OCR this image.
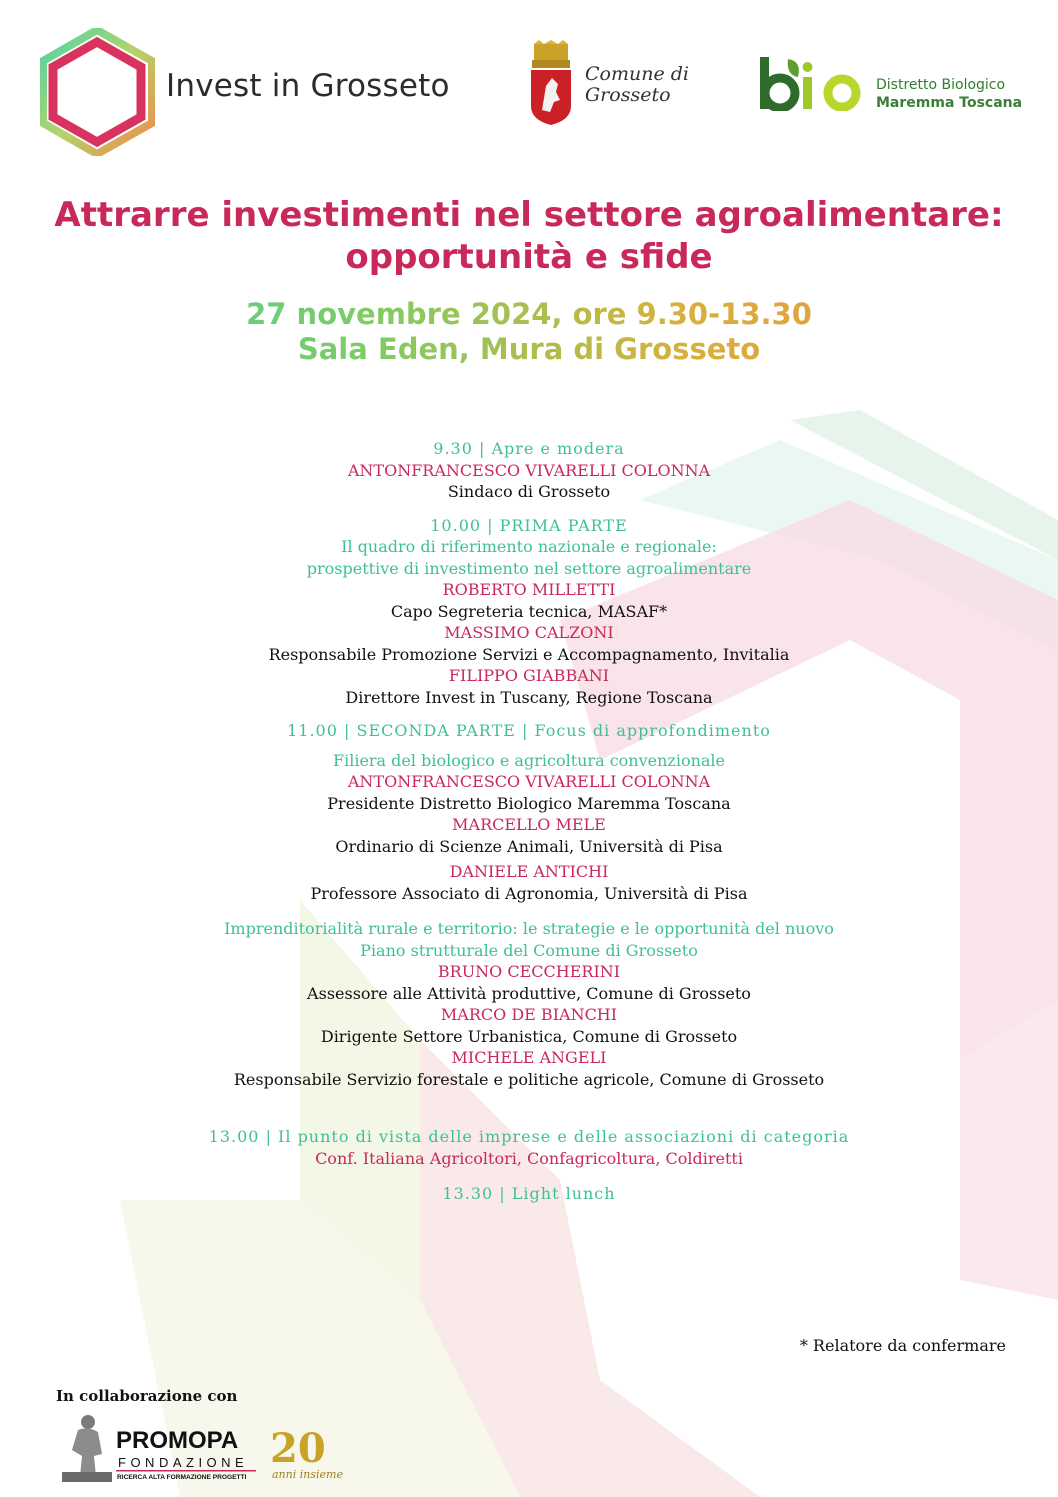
Invest in Grosseto	Comune di
Grosseto	Distretto Biologico
Maremma Toscana
Attrarre investimenti nel settore agroalimentare:
opportunità e sfide
27 novembre 2024, ore 9.30-13.30
Sala Eden, Mura di Grosseto
9.30 | Apre e modera
ANTONFRANCESCO VIVARELLI COLONNA
Sindaco di Grosseto
10.00 | PRIMA PARTE
Il quadro di riferimento nazionale e regionale:
prospettive di investimento nel settore agroalimentare
ROBERTO MILLETTI
Capo Segreteria tecnica, MASAF*
MASSIMO CALZONI
Responsabile Promozione Servizi e Accompagnamento, Invitalia
FILIPPO GIABBANI
Direttore Invest in Tuscany, Regione Toscana
11.00 | SECONDA PARTE | Focus di approfondimento
Filiera del biologico e agricoltura convenzionale
ANTONFRANCESCO VIVARELLI COLONNA
Presidente Distretto Biologico Maremma Toscana
MARCELLO MELE
Ordinario di Scienze Animali, Università di Pisa
DANIELE ANTICHI
Professore Associato di Agronomia, Università di Pisa
Imprenditorialità rurale e territorio: le strategie e le opportunità del nuovo
Piano strutturale del Comune di Grosseto
BRUNO CECCHERINI
Assessore alle Attività produttive, Comune di Grosseto
MARCO DE BIANCHI
Dirigente Settore Urbanistica, Comune di Grosseto
MICHELE ANGELI
Responsabile Servizio forestale e politiche agricole, Comune di Grosseto
13.00 | Il punto di vista delle imprese e delle associazioni di categoria
Conf. Italiana Agricoltori, Confagricoltura, Coldiretti
13.30 | Light lunch
* Relatore da confermare
In collaborazione con
PROMOPA
FONDAZIONE
RICERCA ALTA FORMAZIONE PROGETTI
20
anni insieme
